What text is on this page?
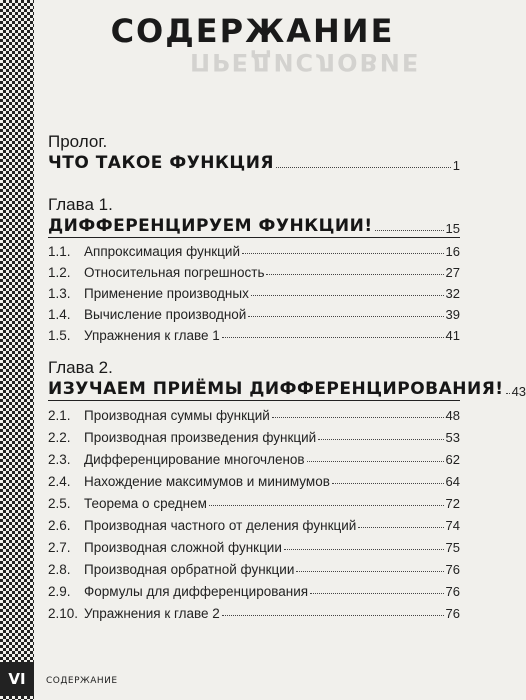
VI	СОДЕРЖАНИЕ
ПРЕДИСЛОВИЕ
СОДЕРЖАНИЕ
Пролог.
ЧТО ТАКОЕ ФУНКЦИЯ	1
Глава 1.
ДИФФЕРЕНЦИРУЕМ ФУНКЦИИ!	15
1.1. Аппроксимация функций	16
1.2. Относительная погрешность	27
1.3. Применение производных	32
1.4. Вычисление производной	39
1.5. Упражнения к главе 1	41
Глава 2.
ИЗУЧАЕМ ПРИЁМЫ ДИФФЕРЕНЦИРОВАНИЯ! 43
2.1. Производная суммы функций	48
2.2. Производная произведения функций	53
2.3. Дифференцирование многочленов	62
2.4. Нахождение максимумов и минимумов	64
2.5. Теорема о среднем	72
2.6. Производная частного от деления функций	74
2.7. Производная сложной функции	75
2.8. Производная орбратной функции	76
2.9. Формулы для дифференцирования	76
2.10. Упражнения к главе 2	76
